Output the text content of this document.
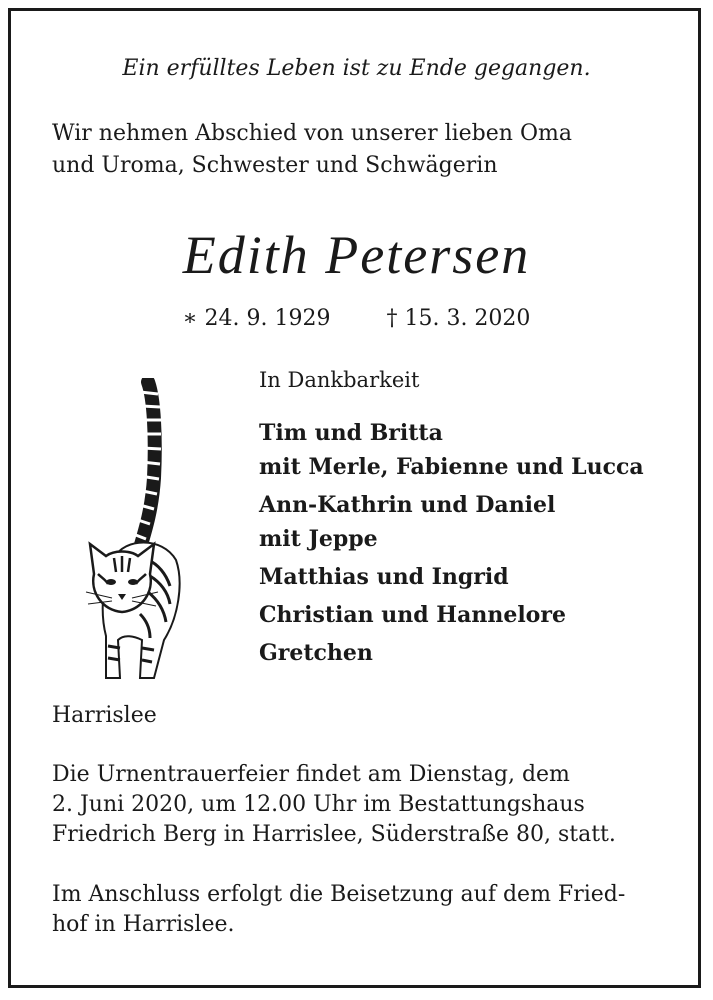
Ein erfülltes Leben ist zu Ende gegangen.
Wir nehmen Abschied von unserer lieben Oma
und Uroma, Schwester und Schwägerin
Edith Petersen
∗ 24. 9. 1929	† 15. 3. 2020
In Dankbarkeit
Tim und Britta
mit Merle, Fabienne und Lucca
Ann-Kathrin und Daniel
mit Jeppe
Matthias und Ingrid
Christian und Hannelore
Gretchen
Harrislee
Die Urnentrauerfeier findet am Dienstag, dem
2. Juni 2020, um 12.00 Uhr im Bestattungshaus
Friedrich Berg in Harrislee, Süderstraße 80, statt.
Im Anschluss erfolgt die Beisetzung auf dem Fried-
hof in Harrislee.
